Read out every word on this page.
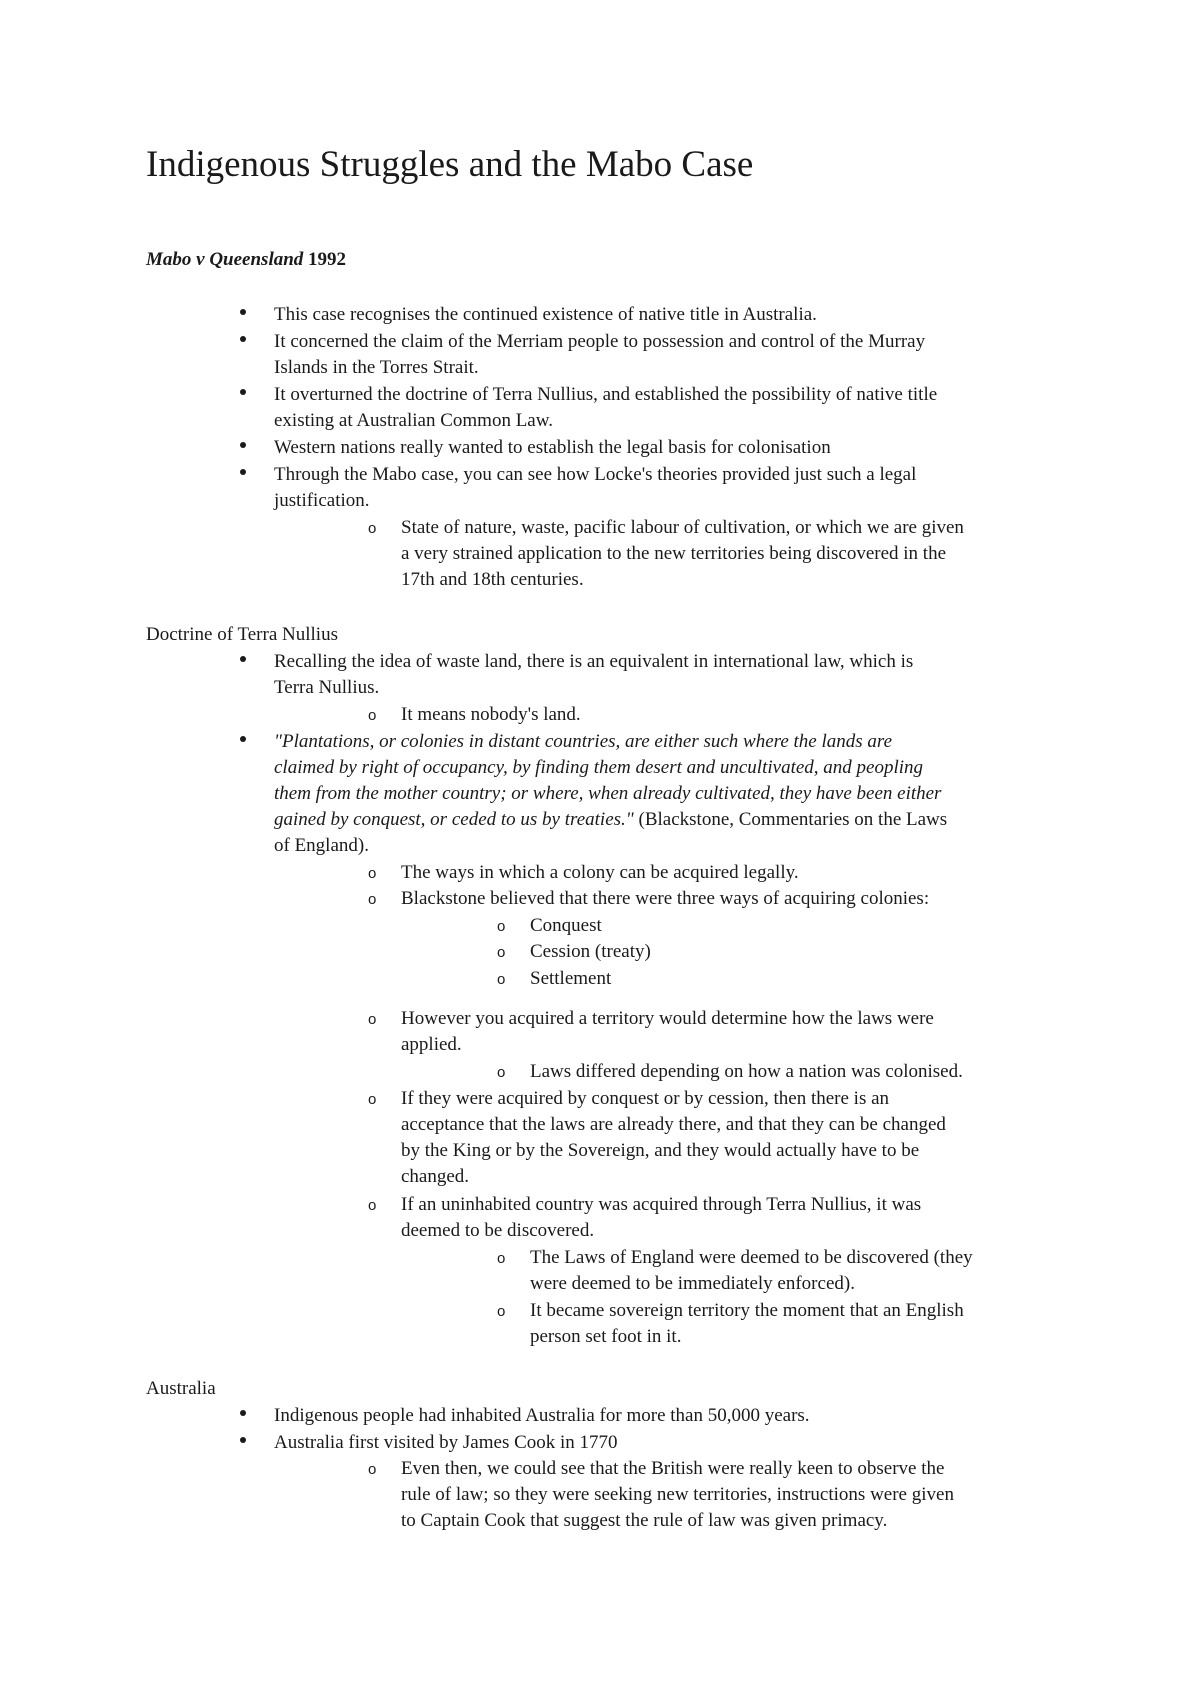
Indigenous Struggles and the Mabo Case
Mabo v Queensland 1992
This case recognises the continued existence of native title in Australia.
It concerned the claim of the Merriam people to possession and control of the Murray
Islands in the Torres Strait.
It overturned the doctrine of Terra Nullius, and established the possibility of native title
existing at Australian Common Law.
Western nations really wanted to establish the legal basis for colonisation
Through the Mabo case, you can see how Locke's theories provided just such a legal
justification.
o State of nature, waste, pacific labour of cultivation, or which we are given
a very strained application to the new territories being discovered in the
17th and 18th centuries.
Doctrine of Terra Nullius
Recalling the idea of waste land, there is an equivalent in international law, which is
Terra Nullius.
o It means nobody's land.
"Plantations, or colonies in distant countries, are either such where the lands are
claimed by right of occupancy, by finding them desert and uncultivated, and peopling
them from the mother country; or where, when already cultivated, they have been either
gained by conquest, or ceded to us by treaties." (Blackstone, Commentaries on the Laws
of England).
o The ways in which a colony can be acquired legally.
o Blackstone believed that there were three ways of acquiring colonies:
o Conquest
o Cession (treaty)
o Settlement
o However you acquired a territory would determine how the laws were
applied.
o Laws differed depending on how a nation was colonised.
o If they were acquired by conquest or by cession, then there is an
acceptance that the laws are already there, and that they can be changed
by the King or by the Sovereign, and they would actually have to be
changed.
o If an uninhabited country was acquired through Terra Nullius, it was
deemed to be discovered.
o The Laws of England were deemed to be discovered (they
were deemed to be immediately enforced).
o It became sovereign territory the moment that an English
person set foot in it.
Australia
Indigenous people had inhabited Australia for more than 50,000 years.
Australia first visited by James Cook in 1770
o Even then, we could see that the British were really keen to observe the
rule of law; so they were seeking new territories, instructions were given
to Captain Cook that suggest the rule of law was given primacy.
